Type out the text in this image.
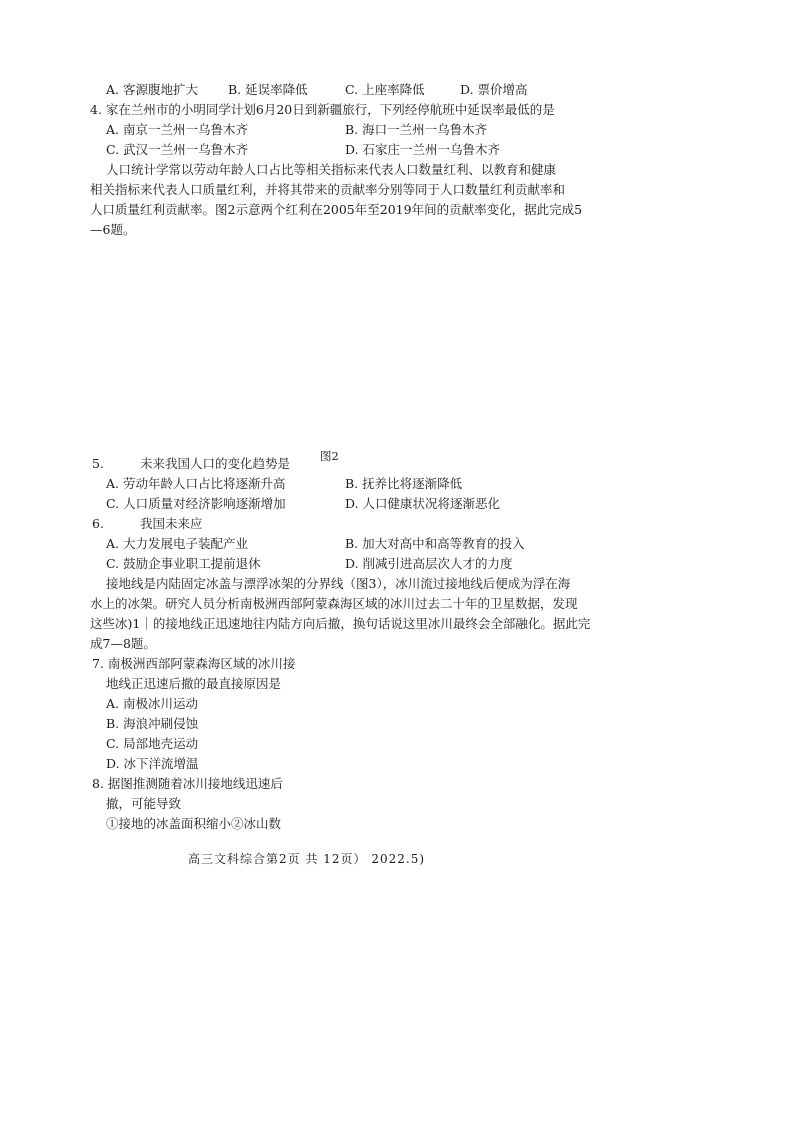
A. 客源腹地扩大 B. 延误率降低	C. 上座率降低	D. 票价增高
4. 家在兰州市的小明同学计划6月20日到新疆旅行，下列经停航班中延误率最低的是
A. 南京一兰州一乌鲁木齐	B. 海口一兰州一乌鲁木齐
C. 武汉一兰州一乌鲁木齐	D. 石家庄一兰州一乌鲁木齐
人口统计学常以劳动年龄人口占比等相关指标来代表人口数量红利、以教育和健康
相关指标来代表人口质量红利，并将其带来的贡献率分别等同于人口数量红利贡献率和
人口质量红利贡献率。图2示意两个红利在2005年至2019年间的贡献率变化，据此完成5
—6题。
5.	未来我国人口的变化趋势是	图2
A. 劳动年龄人口占比将逐渐升高	B. 抚养比将逐渐降低
C. 人口质量对经济影响逐渐增加	D. 人口健康状况将逐渐恶化
6.	我国未来应
A. 大力发展电子装配产业	B. 加大对高中和高等教育的投入
C. 鼓励企事业职工提前退休	D. 削减引进高层次人才的力度
接地线是内陆固定冰盖与漂浮冰架的分界线（图3），冰川流过接地线后便成为浮在海
水上的冰架。研究人员分析南极洲西部阿蒙森海区域的冰川过去二十年的卫星数据，发现
这些冰)1｜的接地线正迅速地往内陆方向后撤，换句话说这里冰川最终会全部融化。据此完
成7—8题。
7. 南极洲西部阿蒙森海区域的冰川接
地线正迅速后撤的最直接原因是
A. 南极冰川运动
B. 海浪冲刷侵蚀
C. 局部地壳运动
D. 冰下洋流增温
8. 据图推测随着冰川接地线迅速后
撤，可能导致
①接地的冰盖面积缩小②冰山数
高三文科综合第2页 共 12页） 2022.5)
